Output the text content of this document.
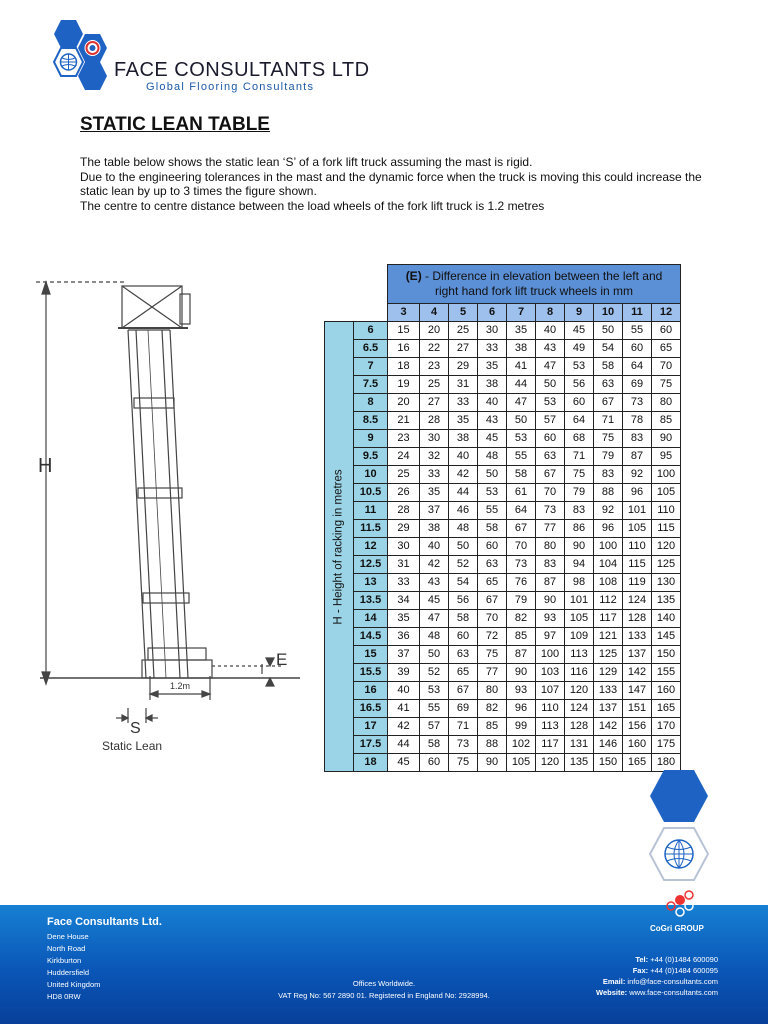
FACE CONSULTANTS LTD
Global Flooring Consultants
STATIC LEAN TABLE

The table below shows the static lean ‘S’ of a fork lift truck assuming the mast is rigid.

Due to the engineering tolerances in the mast and the dynamic force when the truck is moving this could increase the static lean by up to 3 times the figure shown.

The centre to centre distance between the load wheels of the fork lift truck is 1.2 metres

H
E
1.2m
S
Static Lean
		(E) - Difference in elevation between the left and right hand fork lift truck wheels in mm									
		3	4	5	6	7	8	9	10	11	12

H - Height of racking in metres	6	15	20	25	30	35	40	45	50	55	60
	6.5	16	22	27	33	38	43	49	54	60	65
	7	18	23	29	35	41	47	53	58	64	70
	7.5	19	25	31	38	44	50	56	63	69	75
	8	20	27	33	40	47	53	60	67	73	80
	8.5	21	28	35	43	50	57	64	71	78	85
	9	23	30	38	45	53	60	68	75	83	90
	9.5	24	32	40	48	55	63	71	79	87	95
	10	25	33	42	50	58	67	75	83	92	100
	10.5	26	35	44	53	61	70	79	88	96	105
	11	28	37	46	55	64	73	83	92	101	110
	11.5	29	38	48	58	67	77	86	96	105	115
	12	30	40	50	60	70	80	90	100	110	120
	12.5	31	42	52	63	73	83	94	104	115	125
	13	33	43	54	65	76	87	98	108	119	130
	13.5	34	45	56	67	79	90	101	112	124	135
	14	35	47	58	70	82	93	105	117	128	140
	14.5	36	48	60	72	85	97	109	121	133	145
	15	37	50	63	75	87	100	113	125	137	150
	15.5	39	52	65	77	90	103	116	129	142	155
	16	40	53	67	80	93	107	120	133	147	160
	16.5	41	55	69	82	96	110	124	137	151	165
	17	42	57	71	85	99	113	128	142	156	170
	17.5	44	58	73	88	102	117	131	146	160	175
	18	45	60	75	90	105	120	135	150	165	180
Face Consultants Ltd.
Dene House
North Road
Kirkburton
Huddersfield
United Kingdom
HD8 0RW
Offices Worldwide.
VAT Reg No: 567 2890 01. Registered in England No: 2928994.
Tel: +44 (0)1484 600090
Fax: +44 (0)1484 600095
Email: info@face-consultants.com
Website: www.face-consultants.com
CoGri GROUP
